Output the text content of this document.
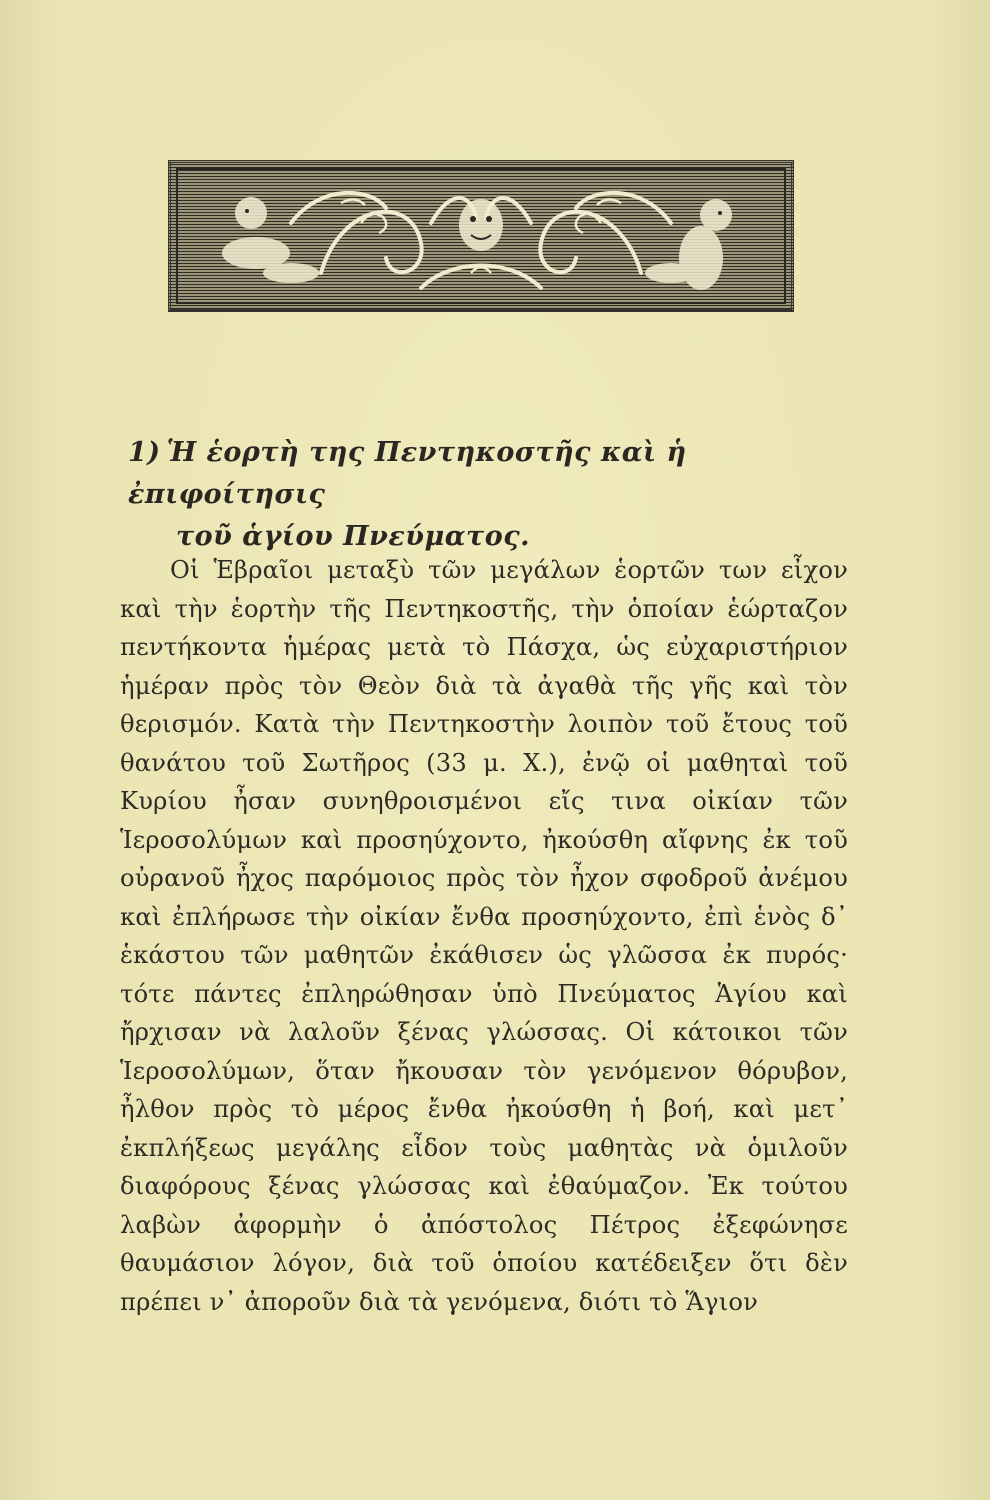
1) Ἡ ἑορτὴ της Πεντηκοστῆς καὶ ἡ ἐπιφοίτησις
τοῦ ἁγίου Πνεύματος.
Οἱ Ἑβραῖοι μεταξὺ τῶν μεγάλων ἑορτῶν των εἶχον καὶ τὴν ἑορτὴν τῆς Πεντηκοστῆς, τὴν ὁποίαν ἑώρταζον πεντήκοντα ἡμέρας μετὰ τὸ Πάσχα, ὡς εὐχαριστήριον ἡμέραν πρὸς τὸν Θεὸν διὰ τὰ ἀγαθὰ τῆς γῆς καὶ τὸν θερισμόν. Κατὰ τὴν Πεντηκοστὴν λοιπὸν τοῦ ἔτους τοῦ θανάτου τοῦ Σωτῆρος (33 μ. Χ.), ἐνῷ οἱ μαθηταὶ τοῦ Κυρίου ἦσαν συνηθροισμένοι εἴς τινα οἰκίαν τῶν Ἱεροσολύμων καὶ προσηύχοντο, ἠκούσθη αἴφνης ἐκ τοῦ οὐρανοῦ ἦχος παρόμοιος πρὸς τὸν ἦχον σφοδροῦ ἀνέμου καὶ ἐπλήρωσε τὴν οἰκίαν ἔνθα προσηύχοντο, ἐπὶ ἑνὸς δ᾿ ἑκάστου τῶν μαθητῶν ἐκάθισεν ὡς γλῶσσα ἐκ πυρός· τότε πάντες ἐπληρώθησαν ὑπὸ Πνεύματος Ἁγίου καὶ ἤρχισαν νὰ λαλοῦν ξένας γλώσσας. Οἱ κάτοικοι τῶν Ἱεροσολύμων, ὅταν ἤκουσαν τὸν γενόμενον θόρυβον, ἦλθον πρὸς τὸ μέρος ἔνθα ἠκούσθη ἡ βοή, καὶ μετ᾿ ἐκπλήξεως μεγάλης εἶδον τοὺς μαθητὰς νὰ ὁμιλοῦν διαφόρους ξένας γλώσσας καὶ ἐθαύμαζον. Ἐκ τούτου λαβὼν ἀφορμὴν ὁ ἀπόστολος Πέτρος ἐξεφώνησε θαυμάσιον λόγον, διὰ τοῦ ὁποίου κατέδειξεν ὅτι δὲν πρέπει ν᾿ ἀποροῦν διὰ τὰ γενόμενα, διότι τὸ Ἅγιον
